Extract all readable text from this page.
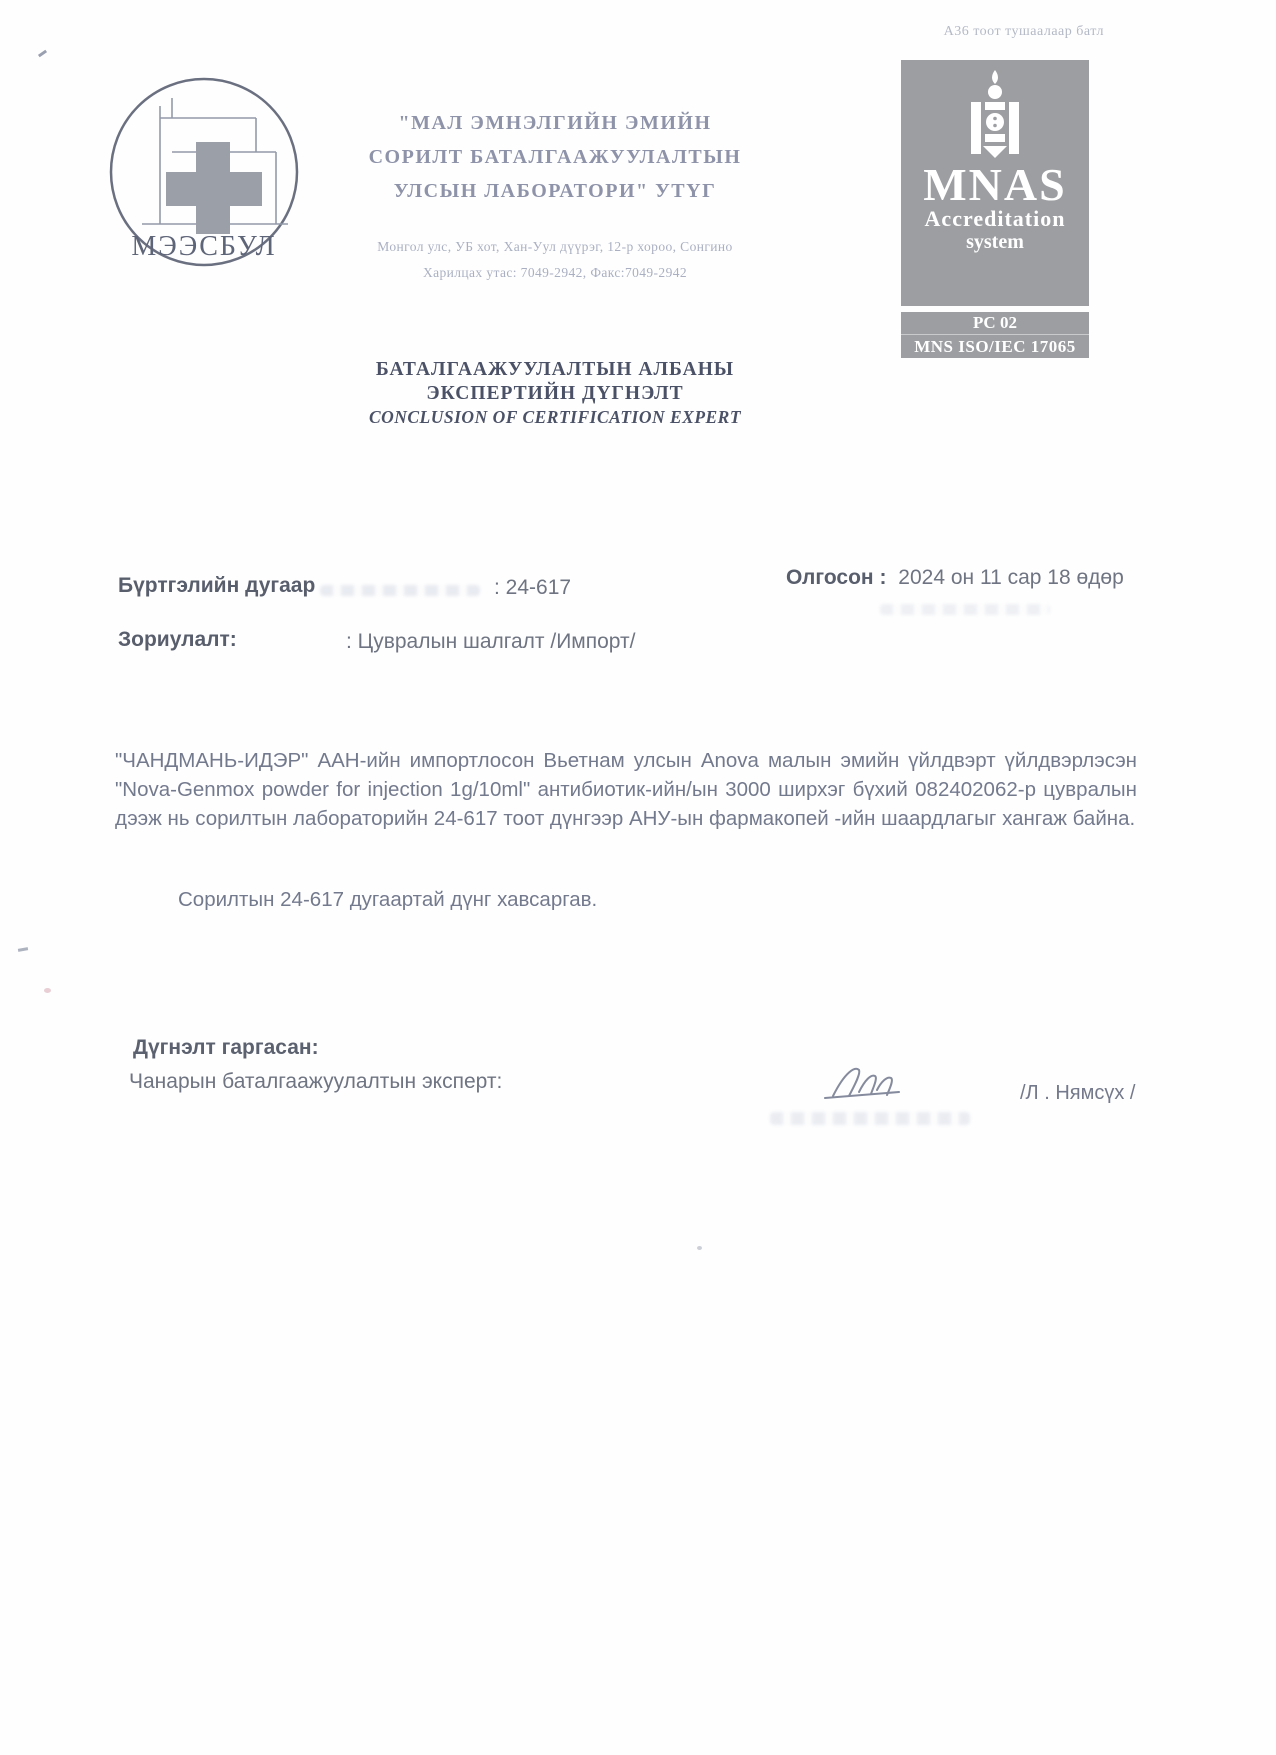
А36 тоот тушаалаар батл
МЭЭСБУЛ
"МАЛ ЭМНЭЛГИЙН ЭМИЙН
СОРИЛТ БАТАЛГААЖУУЛАЛТЫН
УЛСЫН ЛАБОРАТОРИ" УТҮГ
Монгол улс, УБ хот, Хан-Уул дүүрэг, 12-р хороо, Сонгино
Харилцах утас: 7049-2942, Факс:7049-2942
MNAS
Accreditation
system
PC 02
MNS ISO/IEC 17065
БАТАЛГААЖУУЛАЛТЫН АЛБАНЫ
ЭКСПЕРТИЙН ДҮГНЭЛТ
CONCLUSION OF CERTIFICATION EXPERT
Бүртгэлийн дугаар	: 24-617	Олгосон : 2024 он 11 сар 18 өдөр
Зориулалт:	: Цувралын шалгалт /Импорт/
"ЧАНДМАНЬ-ИДЭР" ААН-ийн импортлосон Вьетнам улсын Anova малын эмийн үйлдвэрт үйлдвэрлэсэн "Nova-Genmox powder for injection 1g/10ml" антибиотик-ийн/ын 3000 ширхэг бүхий 082402062-р цувралын дээж нь сорилтын лабораторийн 24-617 тоот дүнгээр АНУ-ын фармакопей -ийн шаардлагыг хангаж байна.
Сорилтын 24-617 дугаартай дүнг хавсаргав.
Дүгнэлт гаргасан:
Чанарын баталгаажуулалтын эксперт:	/Л . Нямсүх /
